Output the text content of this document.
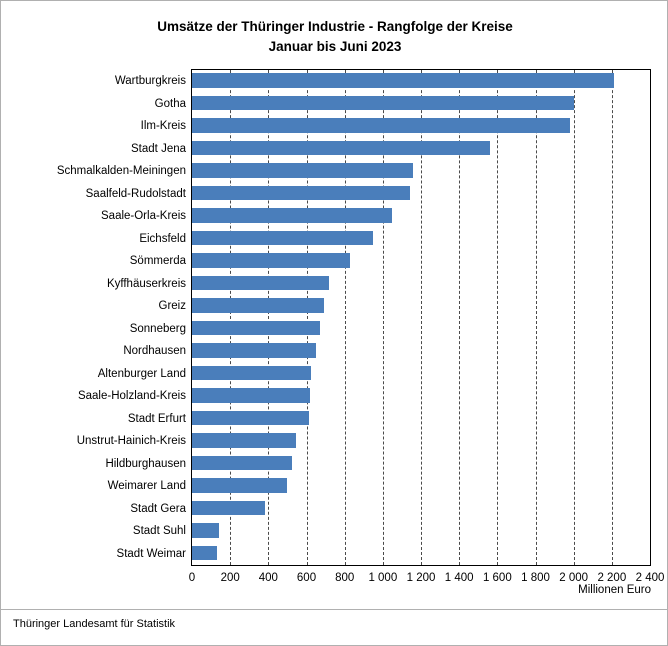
Umsätze der Thüringer Industrie - Rangfolge der Kreise
Januar bis Juni 2023
Wartburgkreis
Gotha
Ilm-Kreis
Stadt Jena
Schmalkalden-Meiningen
Saalfeld-Rudolstadt
Saale-Orla-Kreis
Eichsfeld
Sömmerda
Kyffhäuserkreis
Greiz
Sonneberg
Nordhausen
Altenburger Land
Saale-Holzland-Kreis
Stadt Erfurt
Unstrut-Hainich-Kreis
Hildburghausen
Weimarer Land
Stadt Gera
Stadt Suhl
Stadt Weimar
Millionen Euro
Thüringer Landesamt für Statistik
0 200 400 600 800 1 000 1 200 1 400 1 600 1 800 2 000 2 200 2 400
